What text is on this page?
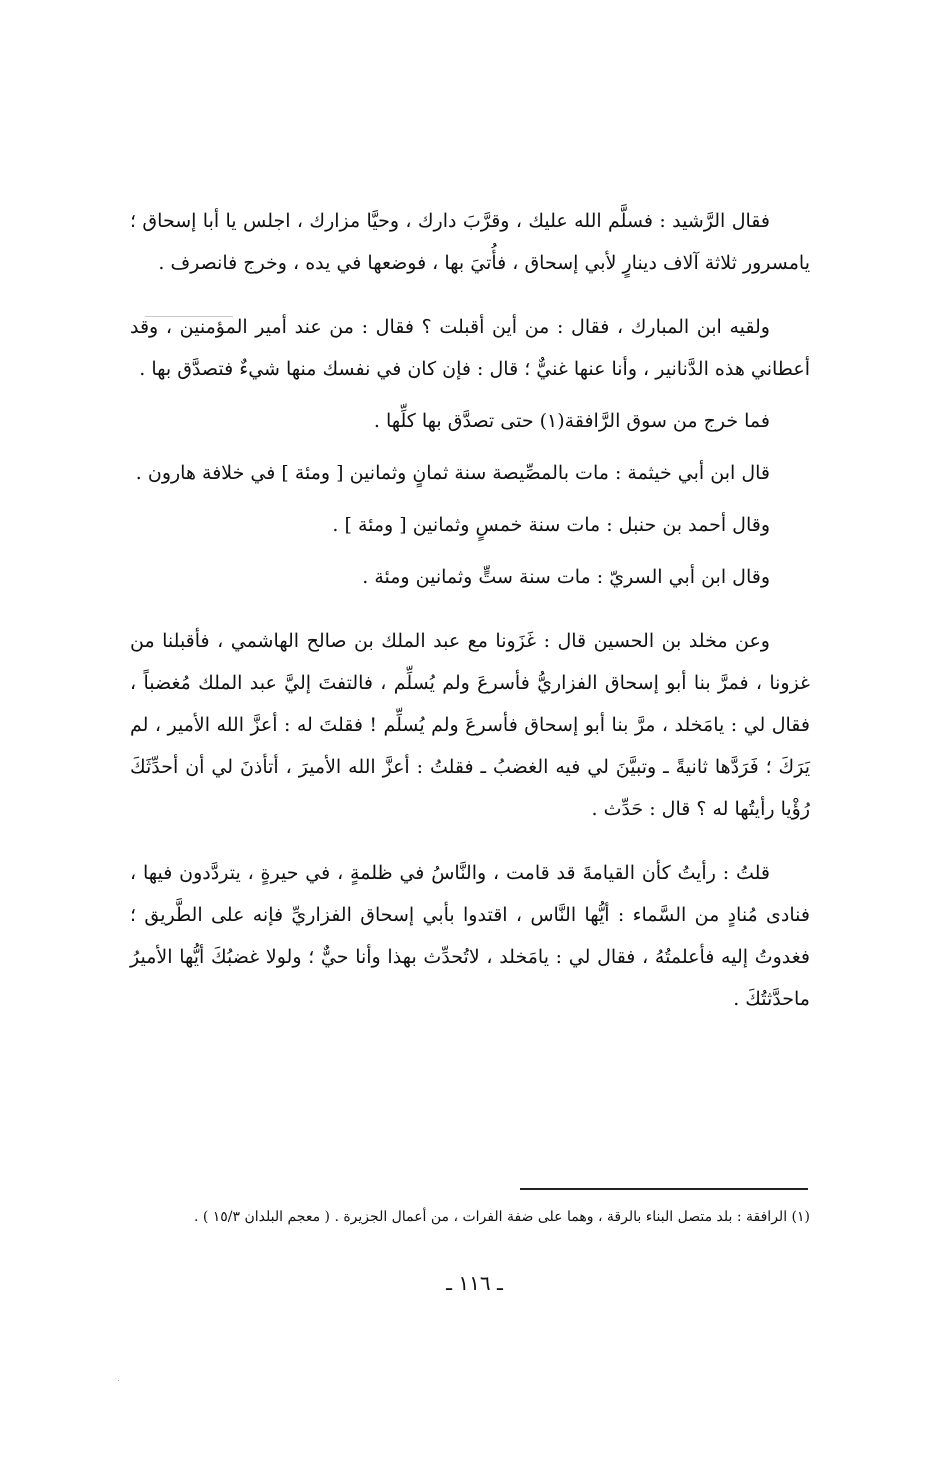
فقال الرَّشيد : فسلَّم الله عليك ، وقرَّبَ دارك ، وحيَّا مزارك ، اجلس يا أبا إسحاق ؛ يامسرور ثلاثة آلاف دينارٍ لأبي إسحاق ، فأُتيَ بها ، فوضعها في يده ، وخرج فانصرف .

ولقيه ابن المبارك ، فقال : من أين أقبلت ؟ فقال : من عند أمير المؤمنين ، وقد أعطاني هذه الدَّنانير ، وأنا عنها غنيٌّ ؛ قال : فإن كان في نفسك منها شيءٌ فتصدَّق بها .

فما خرج من سوق الرَّافقة(١) حتى تصدَّق بها كلِّها .

قال ابن أبي خيثمة : مات بالمصِّيصة سنة ثمانٍ وثمانين [ ومئة ] في خلافة هارون .

وقال أحمد بن حنبل : مات سنة خمسٍ وثمانين [ ومئة ] .

وقال ابن أبي السريّ : مات سنة ستٍّ وثمانين ومئة .

وعن مخلد بن الحسين قال : غَزَونا مع عبد الملك بن صالح الهاشمي ، فأقبلنا من غزونا ، فمرَّ بنا أبو إسحاق الفزاريُّ فأسرعَ ولم يُسلِّم ، فالتفتَ إليَّ عبد الملك مُغضباً ، فقال لي : يامَخلد ، مرَّ بنا أبو إسحاق فأسرعَ ولم يُسلِّم ! فقلتَ له : أعزَّ الله الأمير ، لم يَرَكَ ؛ فَرَدَّها ثانيةً ـ وتبيَّنَ لي فيه الغضبُ ـ فقلتُ : أعزَّ الله الأميرَ ، أتأذنَ لي أن أحدِّثَكَ رُؤْيا رأيتُها له ؟ قال : حَدِّث .

قلتُ : رأيتُ كأن القيامةَ قد قامت ، والنَّاسُ في ظلمةٍ ، في حيرةٍ ، يتردَّدون فيها ، فنادى مُنادٍ من السَّماء : أيُّها النَّاس ، اقتدوا بأبي إسحاق الفزاريِّ فإنه على الطَّريق ؛ فغدوتُ إليه فأعلمتُهُ ، فقال لي : يامَخلد ، لاتُحدِّث بهذا وأنا حيٌّ ؛ ولولا غضبُكَ أيُّها الأميرُ ماحدَّثتُكَ .

(١) الرافقة : بلد متصل البناء بالرقة ، وهما على ضفة الفرات ، من أعمال الجزيرة . ( معجم البلدان ١٥/٣ ) .
ـ ١١٦ ـ
